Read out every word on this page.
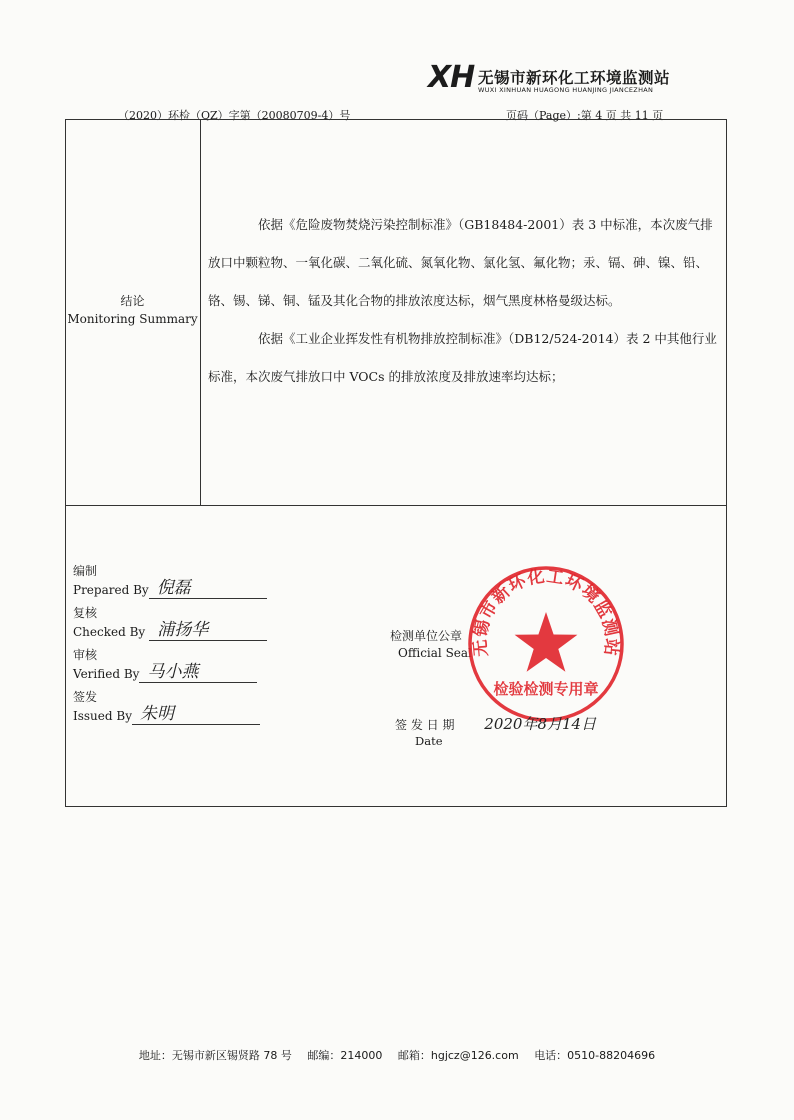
XH 无锡市新环化工环境监测站
WUXI XINHUAN HUAGONG HUANJING JIANCEZHAN
（2020）环检（QZ）字第（20080709-4）号	页码（Page）:第 4 页 共 11 页
结论
Monitoring Summary

依据《危险废物焚烧污染控制标准》（GB18484-2001）表 3 中标准，本次废气排放口中颗粒物、一氧化碳、二氧化硫、氮氧化物、氯化氢、氟化物；汞、镉、砷、镍、铅、铬、锡、锑、铜、锰及其化合物的排放浓度达标，烟气黑度林格曼级达标。

依据《工业企业挥发性有机物排放控制标准》（DB12/524-2014）表 2 中其他行业标准，本次废气排放口中 VOCs 的排放浓度及排放速率均达标；

编制
Prepared By 倪磊
复核
Checked By 浦扬华
审核
Verified By 马小燕
签发
Issued By 朱明
检测单位公章
Official Seal
无锡市新环化工环境监测站
检验检测专用章
签 发 日 期 2020年8月14日
Date
地址：无锡市新区锡贤路 78 号 邮编：214000 邮箱：hgjcz@126.com 电话：0510-88204696
